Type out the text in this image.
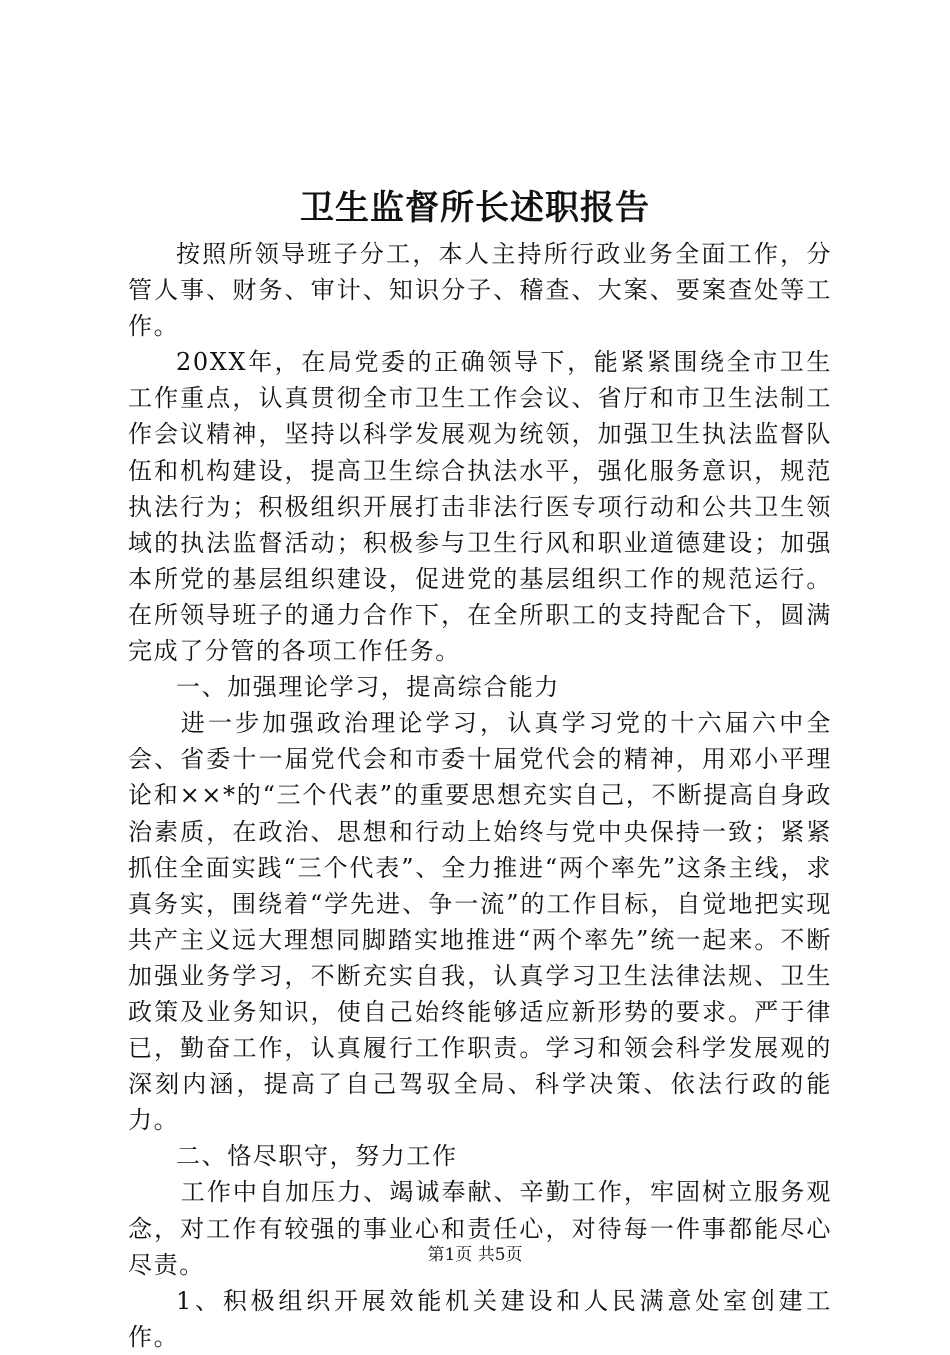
卫生监督所长述职报告

按照所领导班子分工，本人主持所行政业务全面工作，分管人事、财务、审计、知识分子、稽查、大案、要案查处等工作。

20XX年，在局党委的正确领导下，能紧紧围绕全市卫生工作重点，认真贯彻全市卫生工作会议、省厅和市卫生法制工作会议精神，坚持以科学发展观为统领，加强卫生执法监督队伍和机构建设，提高卫生综合执法水平，强化服务意识，规范执法行为；积极组织开展打击非法行医专项行动和公共卫生领域的执法监督活动；积极参与卫生行风和职业道德建设；加强本所党的基层组织建设，促进党的基层组织工作的规范运行。在所领导班子的通力合作下，在全所职工的支持配合下，圆满完成了分管的各项工作任务。

一、加强理论学习，提高综合能力

进一步加强政治理论学习，认真学习党的十六届六中全会、省委十一届党代会和市委十届党代会的精神，用邓小平理论和××*的“三个代表”的重要思想充实自己，不断提高自身政治素质，在政治、思想和行动上始终与党中央保持一致；紧紧抓住全面实践“三个代表”、全力推进“两个率先”这条主线，求真务实，围绕着“学先进、争一流”的工作目标，自觉地把实现共产主义远大理想同脚踏实地推进“两个率先”统一起来。不断加强业务学习，不断充实自我，认真学习卫生法律法规、卫生政策及业务知识，使自己始终能够适应新形势的要求。严于律已，勤奋工作，认真履行工作职责。学习和领会科学发展观的深刻内涵，提高了自己驾驭全局、科学决策、依法行政的能力。

二、恪尽职守，努力工作

工作中自加压力、竭诚奉献、辛勤工作，牢固树立服务观念，对工作有较强的事业心和责任心，对待每一件事都能尽心尽责。

1、积极组织开展效能机关建设和人民满意处室创建工作。

第1页 共5页
